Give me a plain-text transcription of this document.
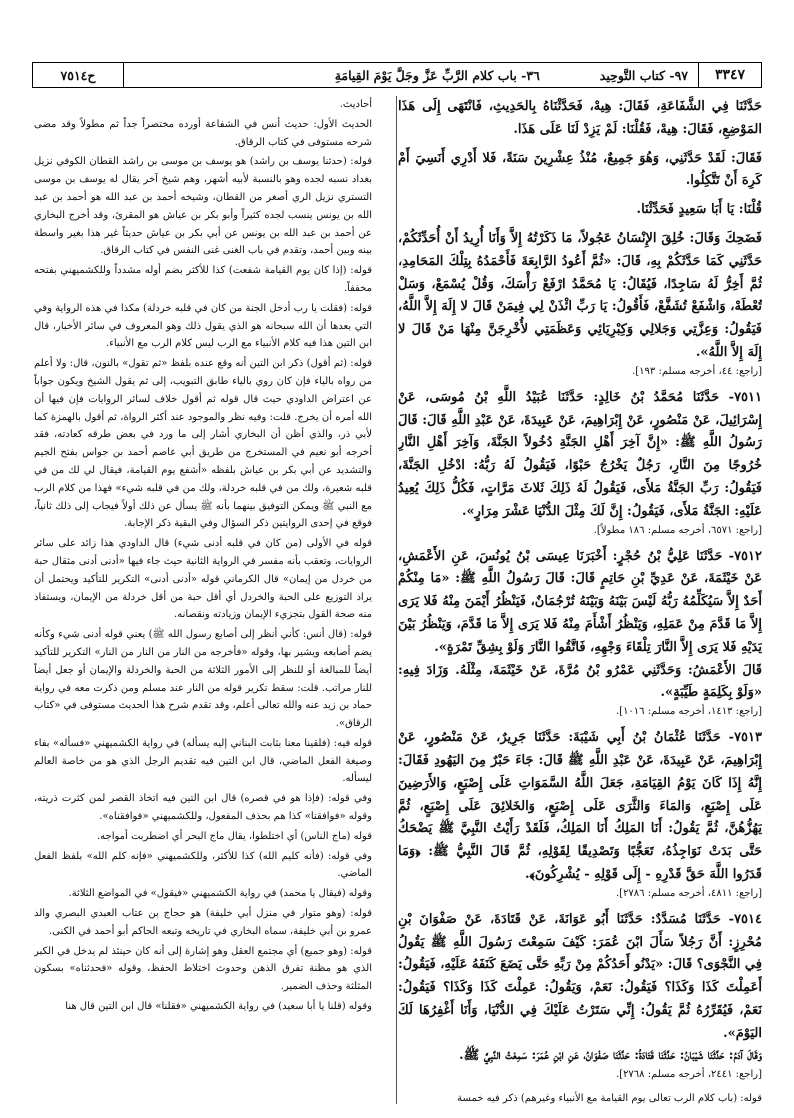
٣٣٤٧
٩٧- كتاب التَّوحِيد
٣٦- باب كلام الرَّبِّ عَزَّ وجَلَّ يَوْمَ القِيامَةِ
ح٧٥١٤

حَدَّثَنَا فِي الشَّفَاعَةِ، فَقَالَ: هِيهْ، فَحَدَّثْنَاهُ بِالحَدِيثِ، فَانْتَهَى إِلَى هَذَا المَوْضِعِ، فَقَالَ: هِيهْ، فَقُلْنَا: لَمْ يَزِدْ لَنَا عَلَى هَذَا.

فَقَالَ: لَقَدْ حَدَّثَنِي، وَهُوَ جَمِيعٌ، مُنْذُ عِشْرِينَ سَنَةً، فَلا أَدْرِي أَنَسِيَ أَمْ كَرِهَ أَنْ تَتَّكِلُوا.

قُلْنَا: يَا أَبَا سَعِيدٍ فَحَدِّثْنَا.

فَضَحِكَ وَقَالَ: خُلِقَ الإِنْسَانُ عَجُولاً، مَا ذَكَرْتُهُ إِلاَّ وَأَنَا أُرِيدُ أَنْ أُحَدِّثَكُمْ، حَدَّثَنِي كَمَا حَدَّثَكُمْ بِهِ، قَالَ: «ثُمَّ أَعُودُ الرَّابِعَةَ فَأَحْمَدُهُ بِتِلْكَ المَحَامِدِ، ثُمَّ أَخِرُّ لَهُ سَاجِدًا، فَيُقَالُ: يَا مُحَمَّدُ ارْفَعْ رَأْسَكَ، وَقُلْ يُسْمَعْ، وَسَلْ تُعْطَهْ، وَاشْفَعْ تُشَفَّعْ، فَأَقُولُ: يَا رَبِّ ائْذَنْ لِي فِيمَنْ قَالَ لا إِلَهَ إِلاَّ اللَّهُ، فَيَقُولُ: وَعِزَّتِي وَجَلالِي وَكِبْرِيَائِي وَعَظَمَتِي لأُخْرِجَنَّ مِنْهَا مَنْ قَالَ لا إِلَهَ إِلاَّ اللَّهُ».

[راجع: ٤٤، أخرجه مسلم: ١٩٣].

٧٥١١- حَدَّثَنَا مُحَمَّدُ بْنُ خَالِدٍ: حَدَّثَنَا عُبَيْدُ اللَّهِ بْنُ مُوسَى، عَنْ إِسْرَائِيلَ، عَنْ مَنْصُورٍ، عَنْ إِبْرَاهِيمَ، عَنْ عَبِيدَةَ، عَنْ عَبْدِ اللَّهِ قَالَ: قَالَ رَسُولُ اللَّهِ ﷺ: «إِنَّ آخِرَ أَهْلِ الجَنَّةِ دُخُولاً الجَنَّةَ، وَآخِرَ أَهْلِ النَّارِ خُرُوجًا مِنَ النَّارِ، رَجُلٌ يَخْرُجُ حَبْوًا، فَيَقُولُ لَهُ رَبُّهُ: ادْخُلِ الجَنَّةَ، فَيَقُولُ: رَبِّ الجَنَّةُ مَلأَى، فَيَقُولُ لَهُ ذَلِكَ ثَلاثَ مَرَّاتٍ، فَكُلُّ ذَلِكَ يُعِيدُ عَلَيْهِ: الجَنَّةُ مَلأَى، فَيَقُولُ: إِنَّ لَكَ مِثْلَ الدُّنْيَا عَشْرَ مِرَارٍ».

[راجع: ٦٥٧١، أخرجه مسلم: ١٨٦ مطولاً].

٧٥١٢- حَدَّثَنَا عَلِيُّ بْنُ حُجْرٍ: أَخْبَرَنَا عِيسَى بْنُ يُونُسَ، عَنِ الأَعْمَشِ، عَنْ خَيْثَمَةَ، عَنْ عَدِيِّ بْنِ حَاتِمٍ قَالَ: قَالَ رَسُولُ اللَّهِ ﷺ: «مَا مِنْكُمْ أَحَدٌ إِلاَّ سَيُكَلِّمُهُ رَبُّهُ لَيْسَ بَيْنَهُ وَبَيْنَهُ تُرْجُمَانٌ، فَيَنْظُرُ أَيْمَنَ مِنْهُ فَلا يَرَى إِلاَّ مَا قَدَّمَ مِنْ عَمَلِهِ، وَيَنْظُرُ أَشْأَمَ مِنْهُ فَلا يَرَى إِلاَّ مَا قَدَّمَ، وَيَنْظُرُ بَيْنَ يَدَيْهِ فَلا يَرَى إِلاَّ النَّارَ تِلْقَاءَ وَجْهِهِ، فَاتَّقُوا النَّارَ وَلَوْ بِشِقِّ تَمْرَةٍ».

قَالَ الأَعْمَشُ: وَحَدَّثَنِي عَمْرُو بْنُ مُرَّةَ، عَنْ خَيْثَمَةَ، مِثْلَهُ. وَزَادَ فِيهِ: «وَلَوْ بِكَلِمَةٍ طَيِّبَةٍ».

[راجع: ١٤١٣، أخرجه مسلم: ١٠١٦].

٧٥١٣- حَدَّثَنَا عُثْمَانُ بْنُ أَبِي شَيْبَةَ: حَدَّثَنَا جَرِيرٌ، عَنْ مَنْصُورٍ، عَنْ إِبْرَاهِيمَ، عَنْ عَبِيدَةَ، عَنْ عَبْدِ اللَّهِ ﷺ قَالَ: جَاءَ حَبْرٌ مِنَ اليَهُودِ فَقَالَ: إِنَّهُ إِذَا كَانَ يَوْمُ القِيَامَةِ، جَعَلَ اللَّهُ السَّمَوَاتِ عَلَى إِصْبَعٍ، وَالأَرَضِينَ عَلَى إِصْبَعٍ، وَالمَاءَ وَالثَّرَى عَلَى إِصْبَعٍ، وَالخَلائِقَ عَلَى إِصْبَعٍ، ثُمَّ يَهُزُّهُنَّ، ثُمَّ يَقُولُ: أَنَا المَلِكُ أَنَا المَلِكُ، فَلَقَدْ رَأَيْتُ النَّبِيَّ ﷺ يَضْحَكُ حَتَّى بَدَتْ نَوَاجِذُهُ، تَعَجُّبًا وَتَصْدِيقًا لِقَوْلِهِ، ثُمَّ قَالَ النَّبِيُّ ﷺ: ﴿وَمَا قَدَرُوا اللَّهَ حَقَّ قَدْرِهِ - إِلَى قَوْلِهِ - يُشْرِكُونَ﴾.

[راجع: ٤٨١١، أخرجه مسلم: ٢٧٨٦].

٧٥١٤- حَدَّثَنَا مُسَدَّدٌ: حَدَّثَنَا أَبُو عَوَانَةَ، عَنْ قَتَادَةَ، عَنْ صَفْوَانَ بْنِ مُحْرِزٍ: أَنَّ رَجُلاً سَأَلَ ابْنَ عُمَرَ: كَيْفَ سَمِعْتَ رَسُولَ اللَّهِ ﷺ يَقُولُ فِي النَّجْوَى؟ قَالَ: «يَدْنُو أَحَدُكُمْ مِنْ رَبِّهِ حَتَّى يَضَعَ كَنَفَهُ عَلَيْهِ، فَيَقُولُ: أَعَمِلْتَ كَذَا وَكَذَا؟ فَيَقُولُ: نَعَمْ، وَيَقُولُ: عَمِلْتَ كَذَا وَكَذَا؟ فَيَقُولُ: نَعَمْ، فَيُقَرِّرُهُ ثُمَّ يَقُولُ: إِنِّي سَتَرْتُ عَلَيْكَ فِي الدُّنْيَا، وَأَنَا أَغْفِرُهَا لَكَ اليَوْمَ».

وَقَالَ آدَمُ: حَدَّثَنَا شَيْبَانُ: حَدَّثَنَا قَتَادَةُ: حَدَّثَنَا صَفْوَانُ، عَنِ ابْنِ عُمَرَ: سَمِعْتُ النَّبِيَّ ﷺ.

[راجع: ٢٤٤١، أخرجه مسلم: ٢٧٦٨].

قوله: (باب كلام الرب تعالى يوم القيامة مع الأنبياء وغيرهم) ذكر فيه خمسة

أحاديث.

الحديث الأول: حديث أنس في الشفاعة أورده مختصراً جداً ثم مطولاً وقد مضى شرحه مستوفى في كتاب الرقاق.

قوله: (حدثنا يوسف بن راشد) هو يوسف بن موسى بن راشد القطان الكوفي نزيل بغداد نسبه لجده وهو بالنسبة لأبيه أشهر، وهم شيخ آخر يقال له يوسف بن موسى التستري نزيل الري أصغر من القطان، وشيخه أحمد بن عبد الله هو أحمد بن عبد الله بن يونس ينسب لجده كثيراً وأبو بكر بن عياش هو المقرئ، وقد أخرج البخاري عن أحمد بن عبد الله بن يونس عن أبي بكر بن عياش حديثاً غير هذا بغير واسطة بينه وبين أحمد، وتقدم في باب الغنى غنى النفس في كتاب الرقاق.

قوله: (إذا كان يوم القيامة شفعت) كذا للأكثر بضم أوله مشدداً وللكشميهني بفتحه مخففاً.

قوله: (فقلت يا رب أدخل الجنة من كان في قلبه خردلة) مكذا في هذه الرواية وفي التي بعدها أن الله سبحانه هو الذي يقول ذلك وهو المعروف في سائر الأخبار، قال ابن التين هذا فيه كلام الأنبياء مع الرب ليس كلام الرب مع الأنبياء.

قوله: (ثم أقول) ذكر ابن التين أنه وقع عنده بلفظ «ثم تقول» بالنون، قال: ولا أعلم من رواه بالياء فإن كان روي بالياء طابق التبويب، إلى ثم يقول الشيخ ويكون جواباً عن اعتراض الداودي حيث قال قوله ثم أقول خلاف لسائر الروايات فإن فيها أن الله أمره أن يخرج. قلت: وفيه نظر والموجود عند أكثر الرواة، ثم أقول بالهمزة كما لأبي ذر، والذي أظن أن البخاري أشار إلى ما ورد في بعض طرقه كعادته، فقد أخرجه أبو نعيم في المستخرج من طريق أبي عاصم أحمد بن جواس بفتح الجيم والتشديد عن أبي بكر بن عياش بلفظه «أشفع يوم القيامة، فيقال لي لك من في قلبه شعيرة، ولك من في قلبه خردلة، ولك من في قلبه شيء» فهذا من كلام الرب مع النبي ﷺ ويمكن التوفيق بينهما بأنه ﷺ يسأل عن ذلك أولاً فيجاب إلى ذلك ثانياً، فوقع في إحدى الروايتين ذكر السؤال وفي البقية ذكر الإجابة.

قوله في الأولى (من كان في قلبه أدنى شيء) قال الداودي هذا زائد على سائر الروايات، وتعقب بأنه مفسر في الرواية الثانية حيث جاء فيها «أدنى أدنى مثقال حبة من خردل من إيمان» قال الكرماني قوله «أدنى أدنى» التكرير للتأكيد ويحتمل أن يراد التوزيع على الحبة والخردل أي أقل حبة من أقل خردلة من الإيمان، ويستفاد منه صحة القول بتجزيء الإيمان وزيادته ونقصانه.

قوله: (قال أنس: كأني أنظر إلى أصابع رسول الله ﷺ) يعني قوله أدنى شيء وكأنه يضم أصابعه ويشير بها، وقوله «فأخرجه من النار من النار من النار» التكرير للتأكيد أيضاً للمبالغة أو للنظر إلى الأمور الثلاثة من الحبة والخردلة والإيمان أو جعل أيضاً للنار مراتب. قلت: سقط تكرير قوله من النار عند مسلم ومن ذكرت معه في رواية حماد بن زيد عنه والله تعالى أعلم، وقد تقدم شرح هذا الحديث مستوفى في «كتاب الرقاق».

قوله فيه: (فلقينا معنا بثابت البناني إليه يسأله) في رواية الكشميهني «فسأله» بفاء وصيغة الفعل الماضي، قال ابن التين فيه تقديم الرجل الذي هو من خاصة العالم ليسأله.

وفي قوله: (فإذا هو في قصره) قال ابن التين فيه اتخاذ القصر لمن كثرت ذريته، وقوله «فوافقنا» كذا هم بحذف المفعول، وللكشميهني «فوافقناه».

قوله (ماج الناس) أي اختلطوا، يقال ماج البحر أي اضطربت أمواجه.

وفي قوله: (فأنه كليم الله) كذا للأكثر، وللكشميهني «فإنه كلم الله» بلفظ الفعل الماضي.

وقوله (فيقال يا محمد) في رواية الكشميهني «فيقول» في المواضع الثلاثة.

قوله: (وهو متوار في منزل أبي خليفة) هو حجاج بن عتاب العبدي البصري والد عمرو بن أبي خليفة، سماه البخاري في تاريخه وتبعه الحاكم أبو أحمد في الكنى.

قوله: (وهو جميع) أي مجتمع العقل وهو إشارة إلى أنه كان حينئذ لم يدخل في الكبر الذي هو مظنة تفرق الذهن وحدوث اختلاط الحفظ، وقوله «فحدثناه» بسكون المثلثة وحذف الضمير.

وقوله (قلنا يا أبا سعيد) في رواية الكشميهني «فقلنا» قال ابن التين قال هنا
